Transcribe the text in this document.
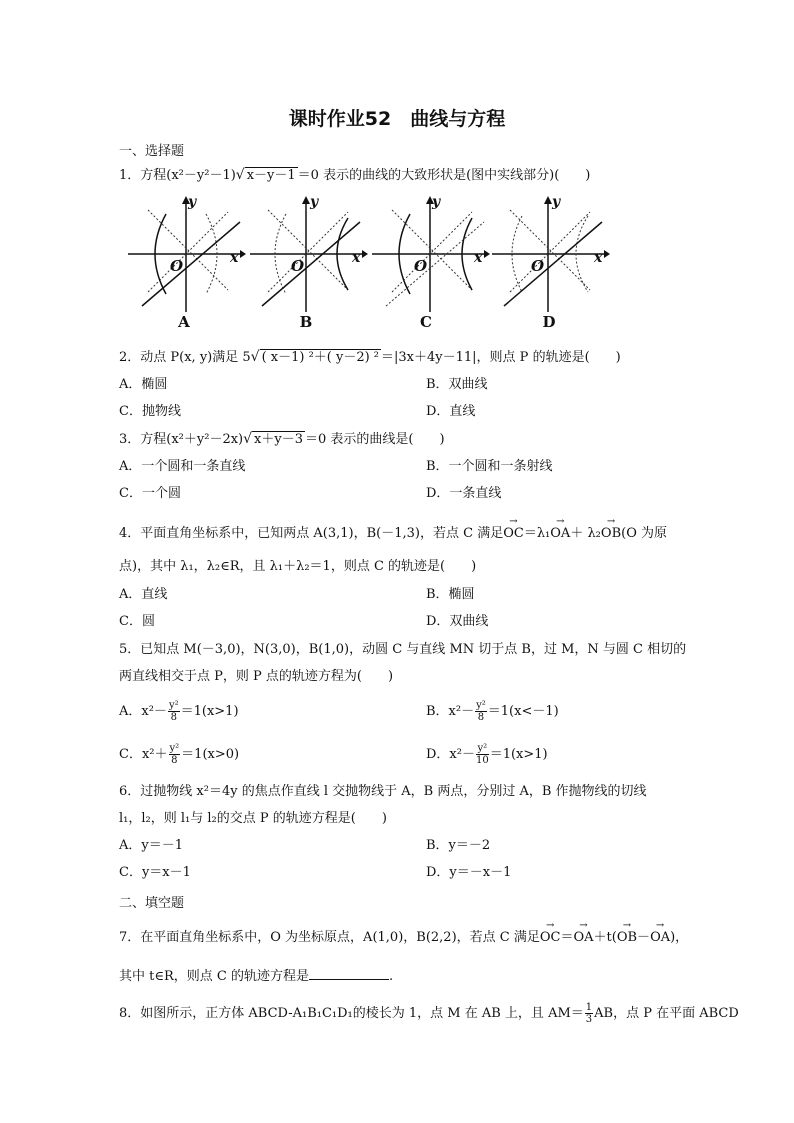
课时作业52　曲线与方程
一、选择题
1．方程(x²－y²－1)√ x－y－1 ＝0 表示的曲线的大致形状是(图中实线部分)(　　)
y
x
O
A
y
x
O
B
y
x
O
C
y
x
O
D
2．动点 P(x, y)满足 5√ ( x－1) ²＋( y－2) ² ＝|3x＋4y－11|，则点 P 的轨迹是(　　)
A．椭圆	B．双曲线
C．抛物线	D．直线
3．方程(x²＋y²－2x)√ x＋y－3 ＝0 表示的曲线是(　　)
A．一个圆和一条直线	B．一个圆和一条射线
C．一个圆	D．一条直线
4．平面直角坐标系中，已知两点 A(3,1)，B(－1,3)，若点 C 满足→ OC＝λ₁→ OA＋ λ₂→ OB(O 为原
点)，其中 λ₁，λ₂∈R，且 λ₁＋λ₂＝1，则点 C 的轨迹是(　　)
A．直线	B．椭圆
C．圆	D．双曲线
5．已知点 M(－3,0)，N(3,0)，B(1,0)，动圆 C 与直线 MN 切于点 B，过 M，N 与圆 C 相切的
两直线相交于点 P，则 P 点的轨迹方程为(　　)
A．$x^2- \frac{\text{y²}}{8} =1(x>1)$	B．$x^2- \frac{\text{y²}}{8} =1(x<-1)$
C．$x^2+ \frac{\text{y²}}{8} =1(x>0)$	D．$x^2- \frac{\text{y²}}{10} =1(x>1)$
6．过抛物线 x²＝4y 的焦点作直线 l 交抛物线于 A，B 两点，分别过 A，B 作抛物线的切线
l₁，l₂，则 l₁与 l₂的交点 P 的轨迹方程是(　　)
A．y＝－1	B．y＝－2
C．y＝x－1	D．y＝－x－1
二、填空题
7．在平面直角坐标系中，O 为坐标原点，A(1,0)，B(2,2)，若点 C 满足→ OC＝→ OA＋t(→ OB－→ OA)，
其中 t∈R，则点 C 的轨迹方程是	.
8．如图所示，正方体 ABCD-A₁B₁C₁D₁的棱长为 1，点 M 在 AB 上，且 $AM= \frac{1}{3}$ AB，点 P 在平面 ABCD
